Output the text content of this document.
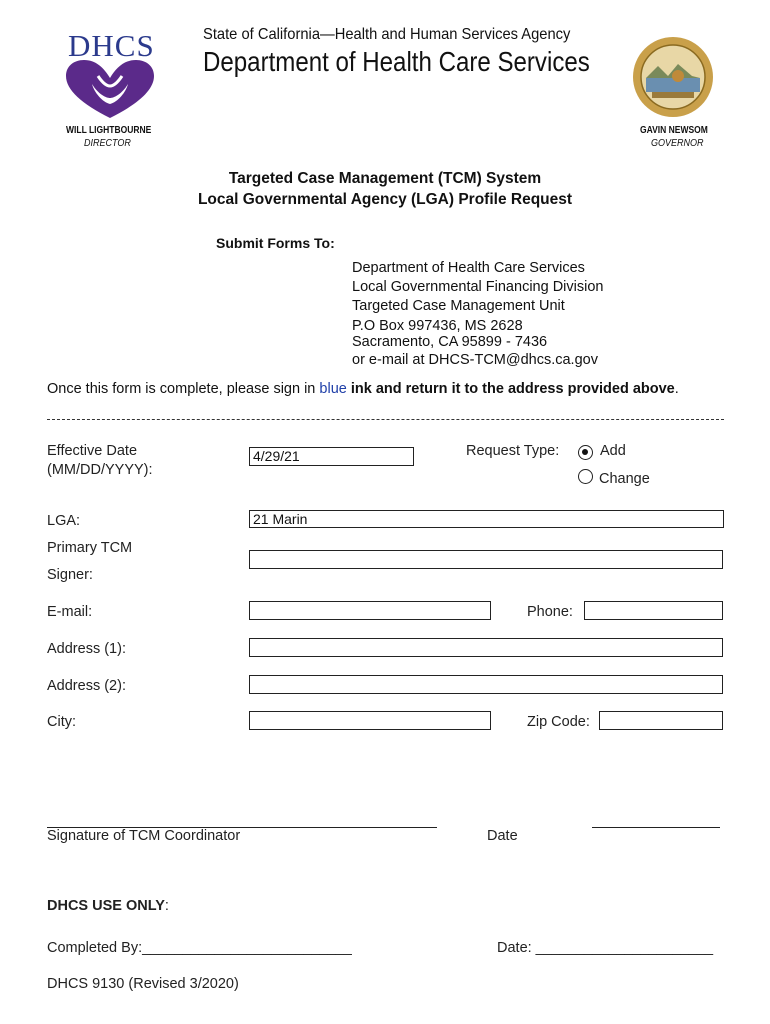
DHCS	State of California—Health and Human Services Agency
Department of Health Care Services
WILL LIGHTBOURNE
DIRECTOR
GAVIN NEWSOM
GOVERNOR
Targeted Case Management (TCM) System
Local Governmental Agency (LGA) Profile Request
Submit Forms To:
Department of Health Care Services
Local Governmental Financing Division
Targeted Case Management Unit
P.O Box 997436, MS 2628
Sacramento, CA 95899 - 7436
or e-mail at DHCS-TCM@dhcs.ca.gov
Once this form is complete, please sign in blue ink and return it to the address provided above.
Effective Date
(MM/DD/YYYY):
4/29/21	Request Type:	Add
Change
LGA:	21 Marin
Primary TCM
Signer:
E-mail:	Phone:
Address (1):
Address (2):
City:	Zip Code:
Signature of TCM Coordinator	Date
DHCS USE ONLY:
Completed By:__________________________	Date: ______________________
DHCS 9130 (Revised 3/2020)
